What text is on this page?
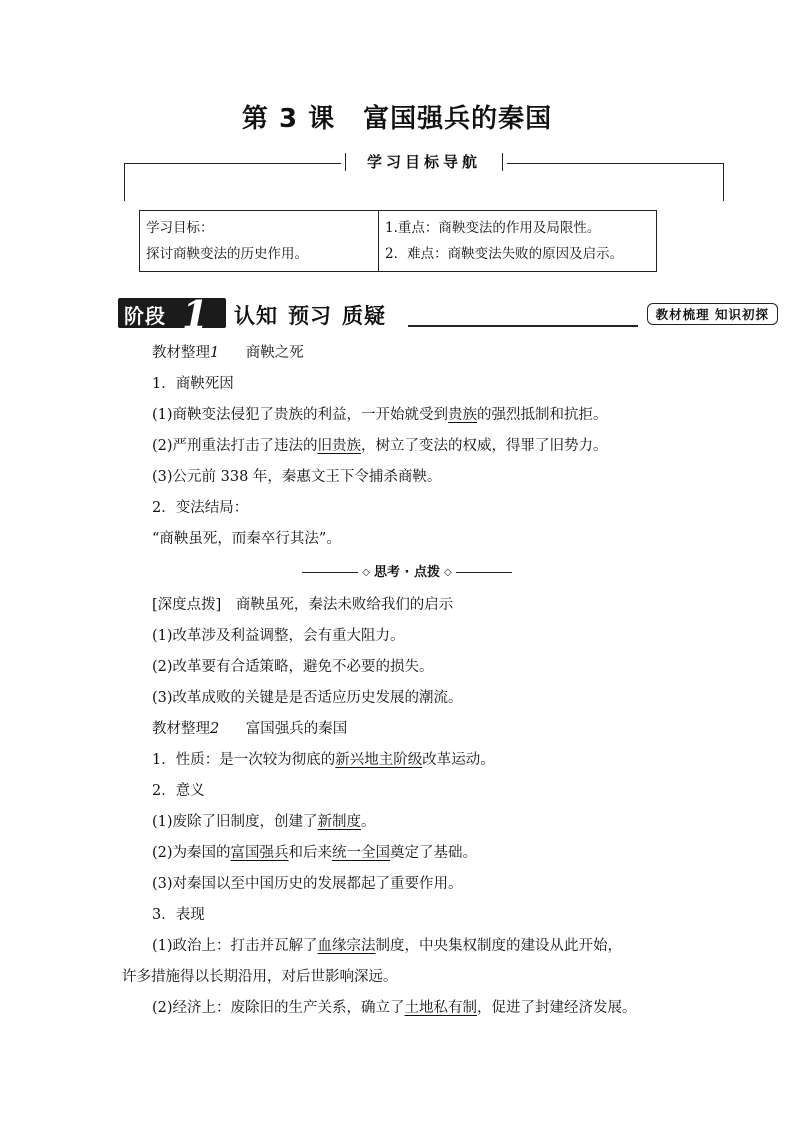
第 3 课 富国强兵的秦国
学习目标导航
学习目标：
探讨商鞅变法的历史作用。

1.重点：商鞅变法的作用及局限性。
2．难点：商鞅变法失败的原因及启示。
阶段 1 认知 预习 质疑	教材梳理 知识初探

教材整理1　 商鞅之死

1．商鞅死因

(1)商鞅变法侵犯了贵族的利益，一开始就受到贵族的强烈抵制和抗拒。

(2)严刑重法打击了违法的旧贵族，树立了变法的权威，得罪了旧势力。

(3)公元前 338 年，秦惠文王下令捕杀商鞅。

2．变法结局：

“商鞅虽死，而秦卒行其法”。

◇ 思考 · 点拨 ◇

[深度点拨]　商鞅虽死，秦法未败给我们的启示

(1)改革涉及利益调整，会有重大阻力。

(2)改革要有合适策略，避免不必要的损失。

(3)改革成败的关键是是否适应历史发展的潮流。

教材整理2　 富国强兵的秦国

1．性质：是一次较为彻底的新兴地主阶级改革运动。

2．意义

(1)废除了旧制度，创建了新制度。

(2)为秦国的富国强兵和后来统一全国奠定了基础。

(3)对秦国以至中国历史的发展都起了重要作用。

3．表现

(1)政治上：打击并瓦解了血缘宗法制度，中央集权制度的建设从此开始，

许多措施得以长期沿用，对后世影响深远。

(2)经济上：废除旧的生产关系，确立了土地私有制，促进了封建经济发展。
